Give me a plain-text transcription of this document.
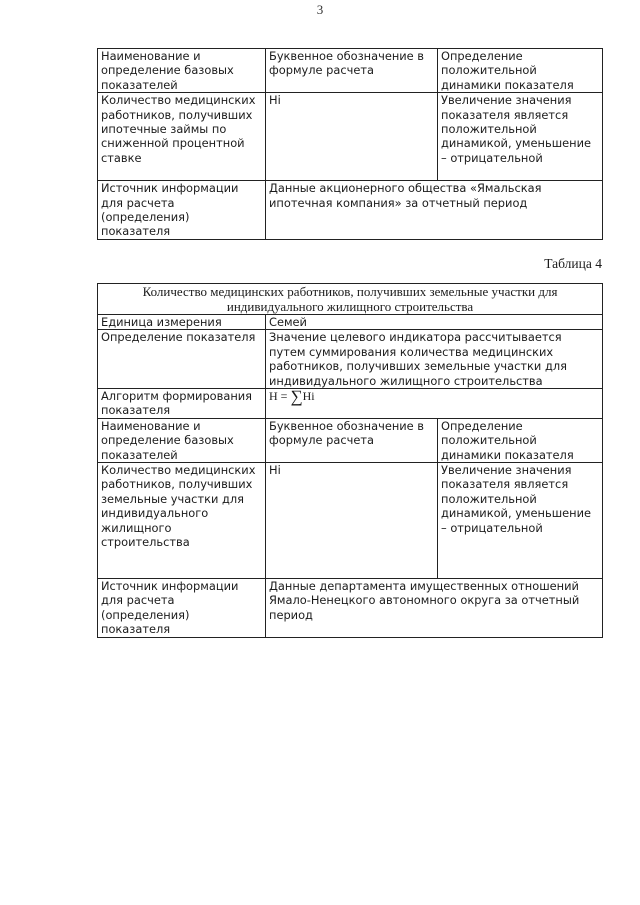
3
Наименование и определение базовых показателей	Буквенное обозначение в формуле расчета	Определение положительной динамики показателя
Количество медицинских работников, получивших ипотечные займы по сниженной процентной ставке	Hi	Увеличение значения показателя является положительной динамикой, уменьшение – отрицательной
Источник информации для расчета (определения) показателя	Данные акционерного общества «Ямальская ипотечная компания» за отчетный период	
Таблица 4
Количество медицинских работников, получивших земельные участки для индивидуального жилищного строительства		
Единица измерения	Семей	
Определение показателя	Значение целевого индикатора рассчитывается путем суммирования количества медицинских работников, получивших земельные участки для индивидуального жилищного строительства	
Алгоритм формирования показателя	Н = ∑Hi	
Наименование и определение базовых показателей	Буквенное обозначение в формуле расчета	Определение положительной динамики показателя
Количество медицинских работников, получивших земельные участки для индивидуального жилищного строительства	Hi	Увеличение значения показателя является положительной динамикой, уменьшение – отрицательной
Источник информации для расчета (определения) показателя	Данные департамента имущественных отношений Ямало-Ненецкого автономного округа за отчетный период	
